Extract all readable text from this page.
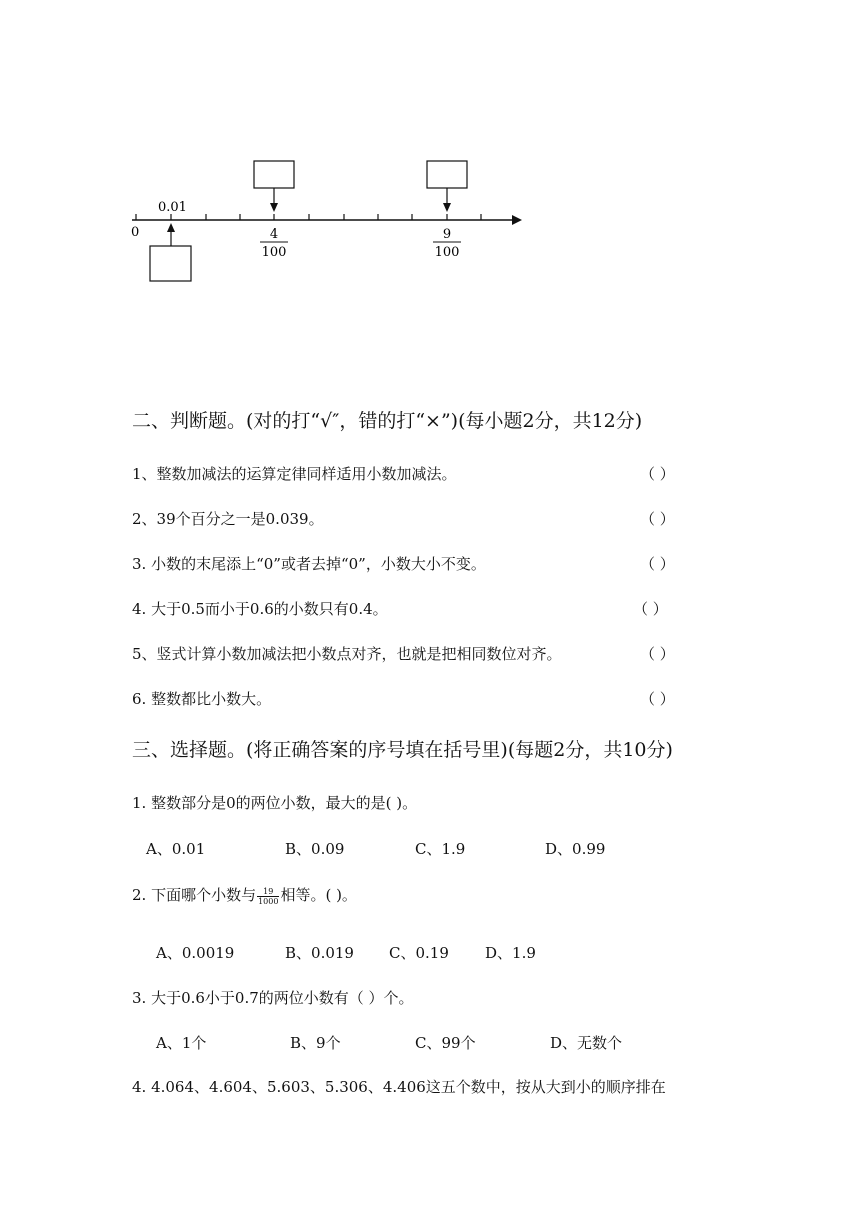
0
0.01
4
100
9
100
二、判断题。(对的打“√″，错的打“×”)(每小题2分，共12分)
1、整数加减法的运算定律同样适用小数加减法。	（ ）
2、39个百分之一是0.039。	（ ）
3. 小数的末尾添上“0”或者去掉“0”，小数大小不变。	（ ）
4. 大于0.5而小于0.6的小数只有0.4。	（ ）
5、竖式计算小数加减法把小数点对齐，也就是把相同数位对齐。	（ ）
6. 整数都比小数大。	（ ）
三、选择题。(将正确答案的序号填在括号里)(每题2分，共10分)
1. 整数部分是0的两位小数，最大的是( )。
A、0.01	B、0.09	C、1.9	D、0.99
2. 下面哪个小数与 $\frac{19}{1000}$ 相等。( )。
A、0.0019	B、0.019 C、0.19 D、1.9
3. 大于0.6小于0.7的两位小数有（ ）个。
A、1个	B、9个	C、99个	D、无数个
4. 4.064、4.604、5.603、5.306、4.406这五个数中，按从大到小的顺序排在
